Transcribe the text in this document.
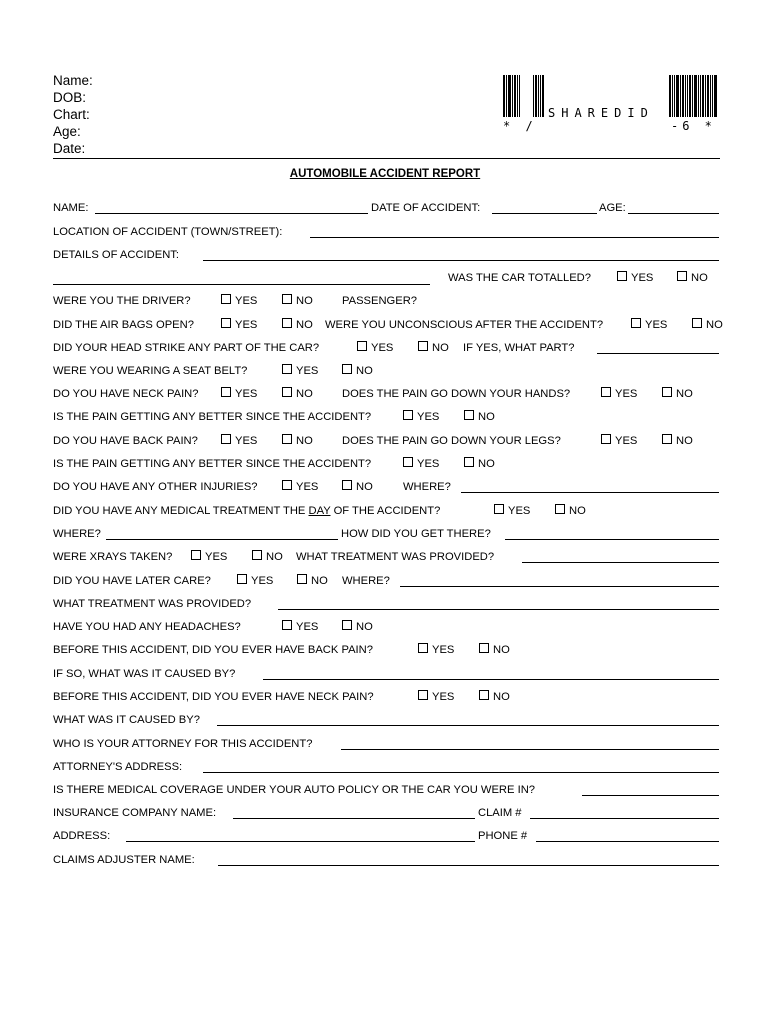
Name:
DOB:
Chart:
Age:
Date:
SHAREDID
* /	-6 *
AUTOMOBILE ACCIDENT REPORT
NAME:	DATE OF ACCIDENT:	AGE:
LOCATION OF ACCIDENT (TOWN/STREET):
DETAILS OF ACCIDENT:
WAS THE CAR TOTALLED?	YES	NO
WERE YOU THE DRIVER?	YES	NO	PASSENGER?
DID THE AIR BAGS OPEN?	YES	NO WERE YOU UNCONSCIOUS AFTER THE ACCIDENT?	YES	NO
DID YOUR HEAD STRIKE ANY PART OF THE CAR?	YES	NO IF YES, WHAT PART?
WERE YOU WEARING A SEAT BELT?	YES	NO
DO YOU HAVE NECK PAIN?	YES	NO	DOES THE PAIN GO DOWN YOUR HANDS?	YES	NO
IS THE PAIN GETTING ANY BETTER SINCE THE ACCIDENT?	YES	NO
DO YOU HAVE BACK PAIN?	YES	NO	DOES THE PAIN GO DOWN YOUR LEGS?	YES	NO
IS THE PAIN GETTING ANY BETTER SINCE THE ACCIDENT?	YES	NO
DO YOU HAVE ANY OTHER INJURIES?	YES	NO	WHERE?
DID YOU HAVE ANY MEDICAL TREATMENT THE DAY OF THE ACCIDENT?	YES	NO
WHERE?	HOW DID YOU GET THERE?
WERE XRAYS TAKEN?	YES	NO WHAT TREATMENT WAS PROVIDED?
DID YOU HAVE LATER CARE?	YES	NO WHERE?
WHAT TREATMENT WAS PROVIDED?
HAVE YOU HAD ANY HEADACHES?	YES	NO
BEFORE THIS ACCIDENT, DID YOU EVER HAVE BACK PAIN?	YES	NO
IF SO, WHAT WAS IT CAUSED BY?
BEFORE THIS ACCIDENT, DID YOU EVER HAVE NECK PAIN?	YES	NO
WHAT WAS IT CAUSED BY?
WHO IS YOUR ATTORNEY FOR THIS ACCIDENT?
ATTORNEY'S ADDRESS:
IS THERE MEDICAL COVERAGE UNDER YOUR AUTO POLICY OR THE CAR YOU WERE IN?
INSURANCE COMPANY NAME:	CLAIM #
ADDRESS:	PHONE #
CLAIMS ADJUSTER NAME:
